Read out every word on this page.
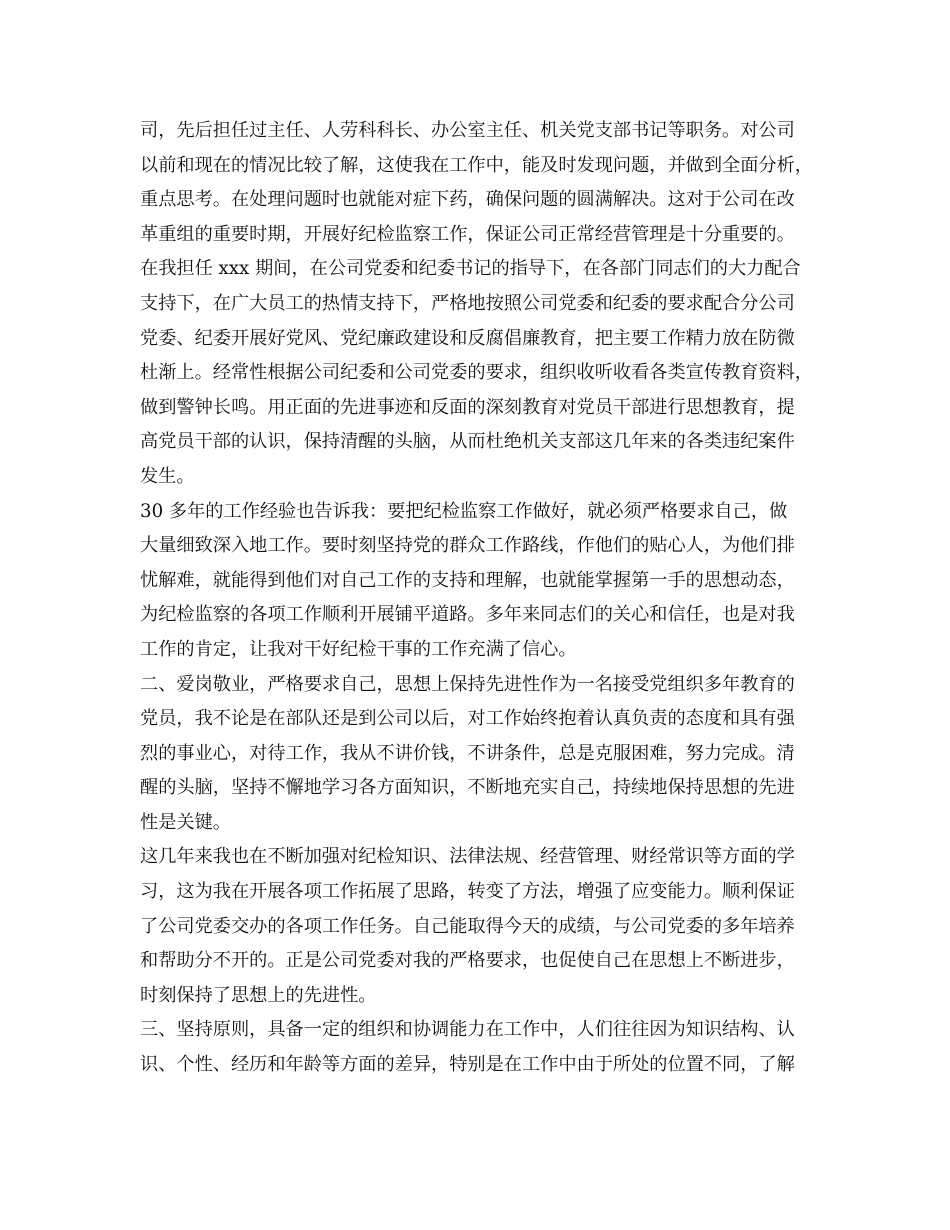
司，先后担任过主任、人劳科科长、办公室主任、机关党支部书记等职务。对公司
以前和现在的情况比较了解，这使我在工作中，能及时发现问题，并做到全面分析，
重点思考。在处理问题时也就能对症下药，确保问题的圆满解决。这对于公司在改
革重组的重要时期，开展好纪检监察工作，保证公司正常经营管理是十分重要的。
在我担任 xxx 期间，在公司党委和纪委书记的指导下，在各部门同志们的大力配合
支持下，在广大员工的热情支持下，严格地按照公司党委和纪委的要求配合分公司
党委、纪委开展好党风、党纪廉政建设和反腐倡廉教育，把主要工作精力放在防微
杜渐上。经常性根据公司纪委和公司党委的要求，组织收听收看各类宣传教育资料，
做到警钟长鸣。用正面的先进事迹和反面的深刻教育对党员干部进行思想教育，提
高党员干部的认识，保持清醒的头脑，从而杜绝机关支部这几年来的各类违纪案件
发生。
30 多年的工作经验也告诉我：要把纪检监察工作做好，就必须严格要求自己，做
大量细致深入地工作。要时刻坚持党的群众工作路线，作他们的贴心人，为他们排
忧解难，就能得到他们对自己工作的支持和理解，也就能掌握第一手的思想动态，
为纪检监察的各项工作顺利开展铺平道路。多年来同志们的关心和信任，也是对我
工作的肯定，让我对干好纪检干事的工作充满了信心。
二、爱岗敬业，严格要求自己，思想上保持先进性作为一名接受党组织多年教育的
党员，我不论是在部队还是到公司以后，对工作始终抱着认真负责的态度和具有强
烈的事业心，对待工作，我从不讲价钱，不讲条件，总是克服困难，努力完成。清
醒的头脑，坚持不懈地学习各方面知识，不断地充实自己，持续地保持思想的先进
性是关键。
这几年来我也在不断加强对纪检知识、法律法规、经营管理、财经常识等方面的学
习，这为我在开展各项工作拓展了思路，转变了方法，增强了应变能力。顺利保证
了公司党委交办的各项工作任务。自己能取得今天的成绩，与公司党委的多年培养
和帮助分不开的。正是公司党委对我的严格要求，也促使自己在思想上不断进步，
时刻保持了思想上的先进性。
三、坚持原则，具备一定的组织和协调能力在工作中，人们往往因为知识结构、认
识、个性、经历和年龄等方面的差异，特别是在工作中由于所处的位置不同，了解
